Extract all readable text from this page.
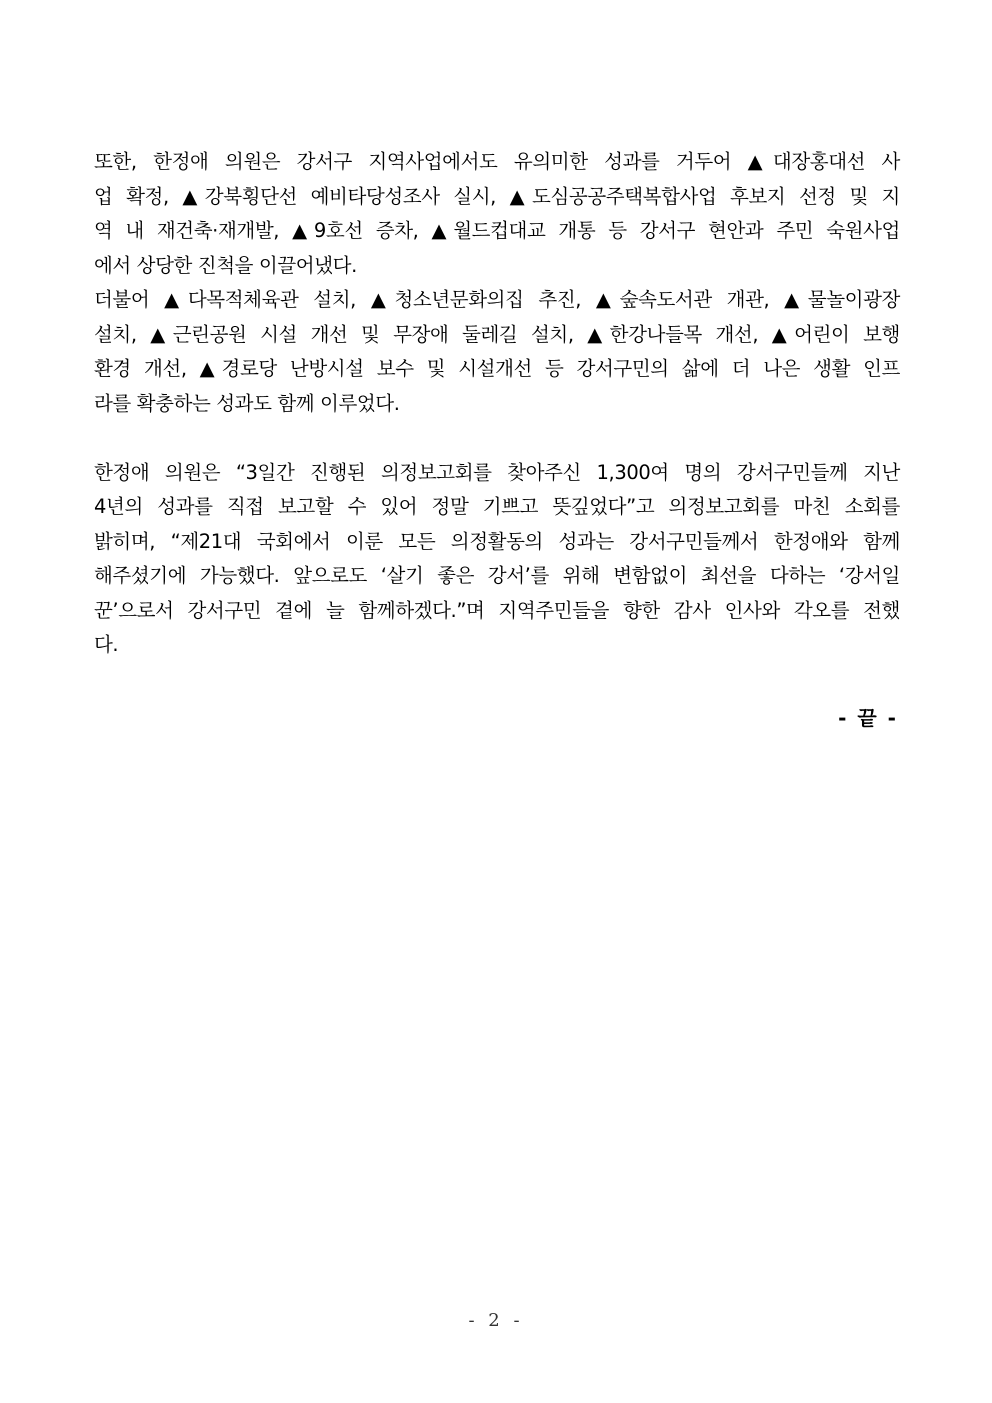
또한, 한정애 의원은 강서구 지역사업에서도 유의미한 성과를 거두어 ▲대장홍대선 사
업 확정, ▲강북횡단선 예비타당성조사 실시, ▲도심공공주택복합사업 후보지 선정 및 지
역 내 재건축·재개발, ▲9호선 증차, ▲월드컵대교 개통 등 강서구 현안과 주민 숙원사업
에서 상당한 진척을 이끌어냈다.
더불어 ▲다목적체육관 설치, ▲청소년문화의집 추진, ▲숲속도서관 개관, ▲물놀이광장
설치, ▲근린공원 시설 개선 및 무장애 둘레길 설치, ▲한강나들목 개선, ▲어린이 보행
환경 개선, ▲경로당 난방시설 보수 및 시설개선 등 강서구민의 삶에 더 나은 생활 인프
라를 확충하는 성과도 함께 이루었다.
한정애 의원은 “3일간 진행된 의정보고회를 찾아주신 1,300여 명의 강서구민들께 지난
4년의 성과를 직접 보고할 수 있어 정말 기쁘고 뜻깊었다”고 의정보고회를 마친 소회를
밝히며, “제21대 국회에서 이룬 모든 의정활동의 성과는 강서구민들께서 한정애와 함께
해주셨기에 가능했다. 앞으로도 ‘살기 좋은 강서’를 위해 변함없이 최선을 다하는 ‘강서일
꾼’으로서 강서구민 곁에 늘 함께하겠다.”며 지역주민들을 향한 감사 인사와 각오를 전했
다.
- 끝 -
- 2 -
